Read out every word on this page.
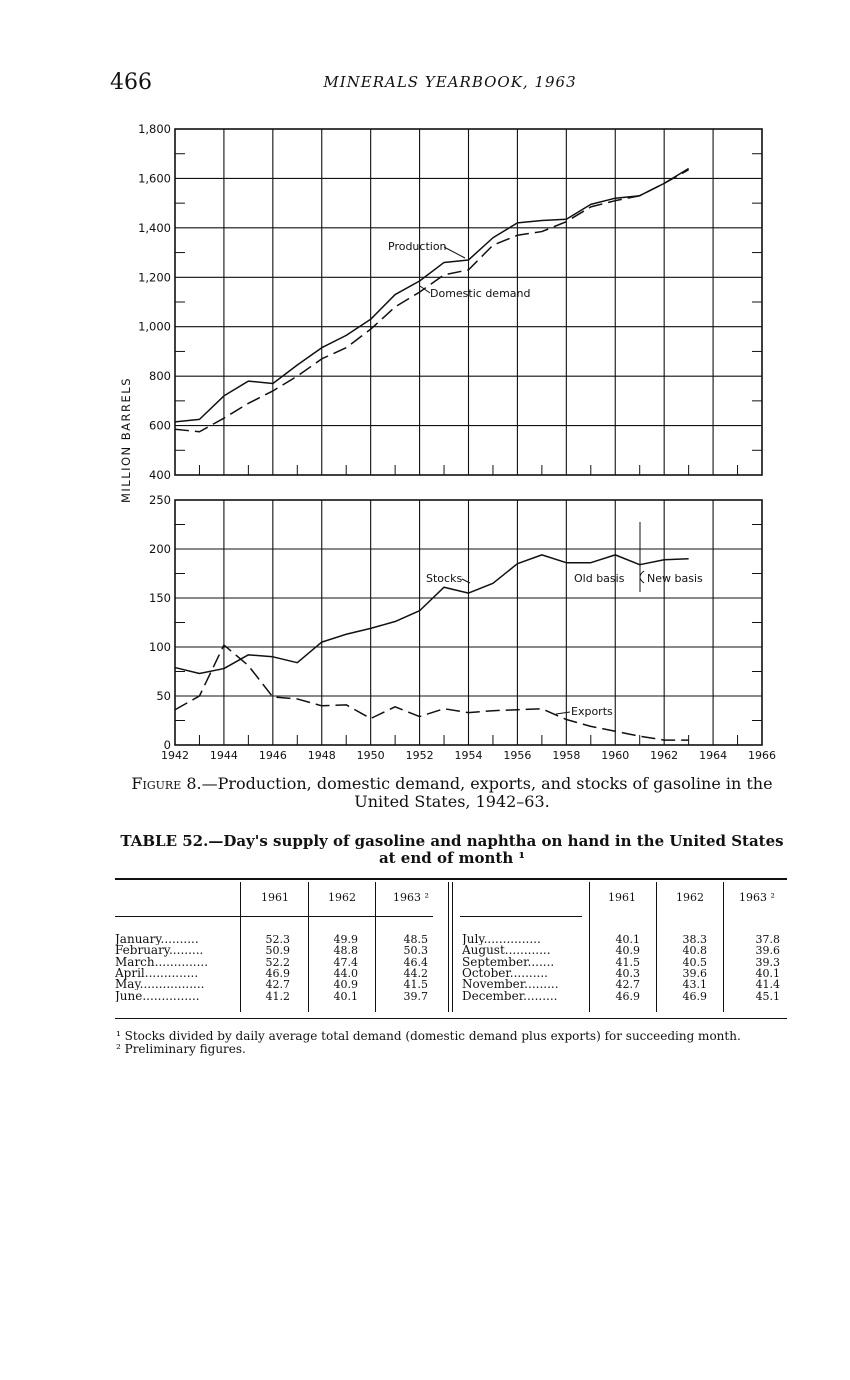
466	MINERALS YEARBOOK, 1963
400
600
800
1,000
1,200
1,400
1,600
1,800
0
50
100
150
200
250
1942 1944 1946 1948 1950 1952 1954 1956 1958 1960 1962 1964 1966
MILLION BARRELS
Production
Domestic demand
Stocks
Exports
Old basis New basis
Figure 8.—Production, domestic demand, exports, and stocks of gasoline in the United States, 1942–63.
TABLE 52.—Day's supply of gasoline and naphtha on hand in the United States
at end of month ¹
1961	1962	1963 ²	1961	1962	1963 ²
January..........	52.3	49.9	48.5
February.........	50.9	48.8	50.3
March..............	52.2	47.4	46.4
April..............	46.9	44.0	44.2
May.................	42.7	40.9	41.5
June...............	41.2	40.1	39.7
July...............	40.1	38.3	37.8
August............	40.9	40.8	39.6
September.......	41.5	40.5	39.3
October..........	40.3	39.6	40.1
November.........	42.7	43.1	41.4
December.........	46.9	46.9	45.1
¹ Stocks divided by daily average total demand (domestic demand plus exports) for succeeding month.
² Preliminary figures.
